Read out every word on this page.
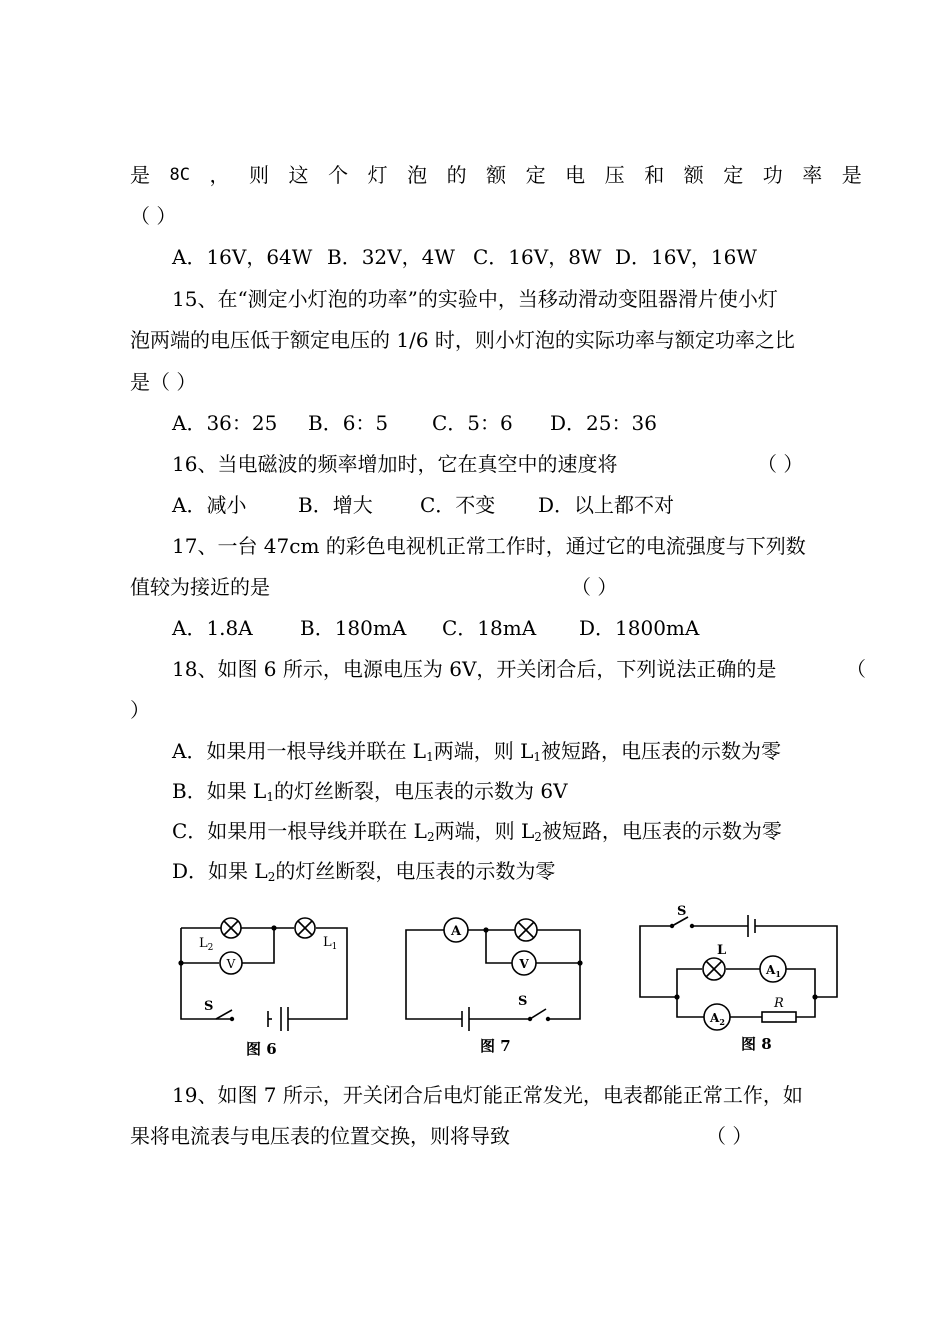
是 8C ， 则 这 个 灯 泡 的 额 定 电 压 和 额 定 功 率 是
（ ）
A．16V，64W B．32V，4W C．16V，8W D．16V，16W
15、在“测定小灯泡的功率”的实验中，当移动滑动变阻器滑片使小灯
泡两端的电压低于额定电压的 1/6 时，则小灯泡的实际功率与额定功率之比
是（ ）
A．36：25 B．6：5 C．5：6 D．25：36
16、当电磁波的频率增加时，它在真空中的速度将	（ ）
A．减小	B．增大 C．不变 D．以上都不对
17、一台 47cm 的彩色电视机正常工作时，通过它的电流强度与下列数
值较为接近的是	（ ）
A．1.8A B．180mA C．18mA D．1800mA
18、如图 6 所示，电源电压为 6V，开关闭合后，下列说法正确的是	（
）
A．如果用一根导线并联在 $L_1$两端，则 $L_1$被短路，电压表的示数为零
B．如果 $L_1$的灯丝断裂，电压表的示数为 6V
C．如果用一根导线并联在 $L_2$两端，则 $L_2$被短路，电压表的示数为零
D．如果 $L_2$的灯丝断裂，电压表的示数为零
$L_2$	$L_1$
V
S
图 6
A
V
S
图 7
S
L
$A_1$
$A_2$
R
图 8
19、如图 7 所示，开关闭合后电灯能正常发光，电表都能正常工作，如
果将电流表与电压表的位置交换，则将导致	（ ）
